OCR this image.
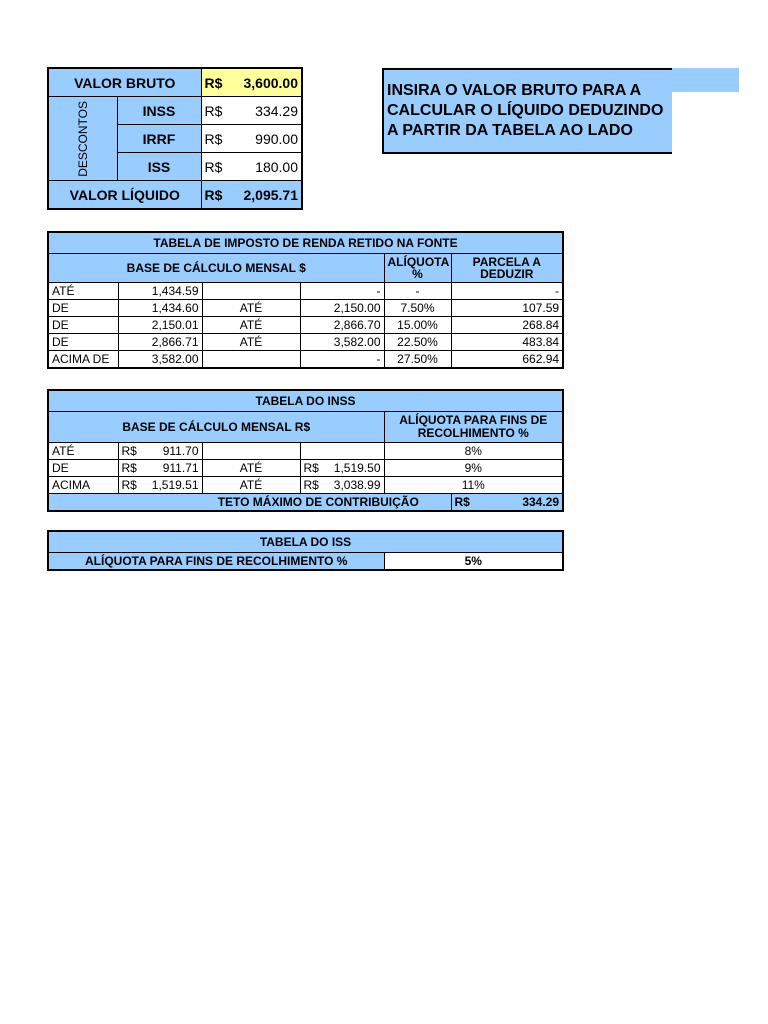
VALOR BRUTO		R$ 3,600.00

DESCONTOS	INSS	R$ 334.29

	IRRF	R$ 990.00

	ISS	R$ 180.00

VALOR LÍQUIDO		R$ 2,095.71
INSIRA O VALOR BRUTO PARA A
CALCULAR O LÍQUIDO DEDUZINDO
A PARTIR DA TABELA AO LADO
TABELA DE IMPOSTO DE RENDA RETIDO NA FONTE					
BASE DE CÁLCULO MENSAL $				ALÍQUOTA %	PARCELA A DEDUZIR
ATÉ	1,434.59		-	-	-
DE	1,434.60	ATÉ	2,150.00	7.50%	107.59
DE	2,150.01	ATÉ	2,866.70	15.00%	268.84
DE	2,866.71	ATÉ	3,582.00	22.50%	483.84
ACIMA DE	3,582.00		-	27.50%	662.94
TABELA DO INSS					
BASE DE CÁLCULO MENSAL R$				ALÍQUOTA PARA FINS DE RECOLHIMENTO %	
ATÉ	R$ 911.70			8%	
DE	R$ 911.71	ATÉ	R$ 1,519.50	9%	
ACIMA	R$ 1,519.51	ATÉ	R$ 3,038.99	11%	
TETO MÁXIMO DE CONTRIBUIÇÃO					R$ 334.29
TABELA DO ISS
ALÍQUOTA PARA FINS DE RECOLHIMENTO %	5%
